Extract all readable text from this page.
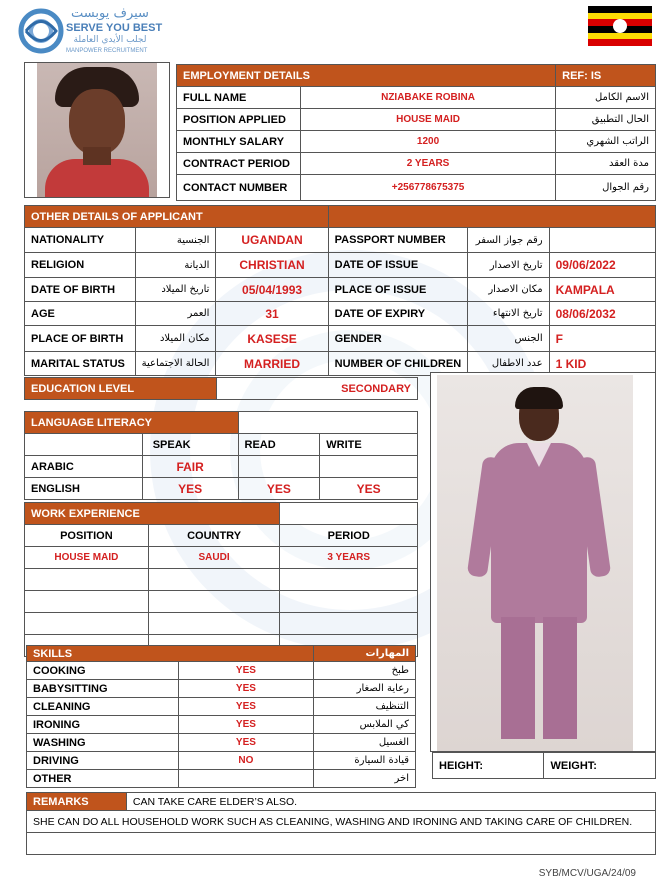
سيرف يوبست
SERVE YOU BEST
لجلب الأيدي العاملة
MANPOWER RECRUITMENT
EMPLOYMENT DETAILS		REF: IS
FULL NAME	NZIABAKE ROBINA	الاسم الكامل
POSITION APPLIED	HOUSE MAID	الحال التطبيق
MONTHLY SALARY	1200	الراتب الشهري
CONTRACT PERIOD	2 YEARS	مدة العقد
CONTACT NUMBER	+256778675375	رقم الجوال
OTHER DETAILS OF APPLICANT					
NATIONALITY	الجنسية	UGANDAN	PASSPORT NUMBER	رقم جواز السفر	
RELIGION	الديانة	CHRISTIAN	DATE OF ISSUE	تاريخ الاصدار	09/06/2022
DATE OF BIRTH	تاريخ الميلاد	05/04/1993	PLACE OF ISSUE	مكان الاصدار	KAMPALA
AGE	العمر	31	DATE OF EXPIRY	تاريخ الانتهاء	08/06/2032
PLACE OF BIRTH	مكان الميلاد	KASESE	GENDER	الجنس	F
MARITAL STATUS	الحالة الاجتماعية	MARRIED	NUMBER OF CHILDREN	عدد الاطفال	1 KID
EDUCATION LEVEL	SECONDARY
LANGUAGE LITERACY			
	SPEAK	READ	WRITE
ARABIC	FAIR		
ENGLISH	YES	YES	YES
WORK EXPERIENCE		
POSITION	COUNTRY	PERIOD
HOUSE MAID	SAUDI	3 YEARS

SKILLS		المهارات
COOKING	YES	طبخ
BABYSITTING	YES	رعاية الصغار
CLEANING	YES	التنظيف
IRONING	YES	كي الملابس
WASHING	YES	الغسيل
DRIVING	NO	قيادة السيارة
OTHER		اخر
HEIGHT:	WEIGHT:
REMARKS	CAN TAKE CARE ELDER’S ALSO.
SHE CAN DO ALL HOUSEHOLD WORK SUCH AS CLEANING, WASHING AND IRONING AND TAKING CARE OF CHILDREN.

SYB/MCV/UGA/24/09
